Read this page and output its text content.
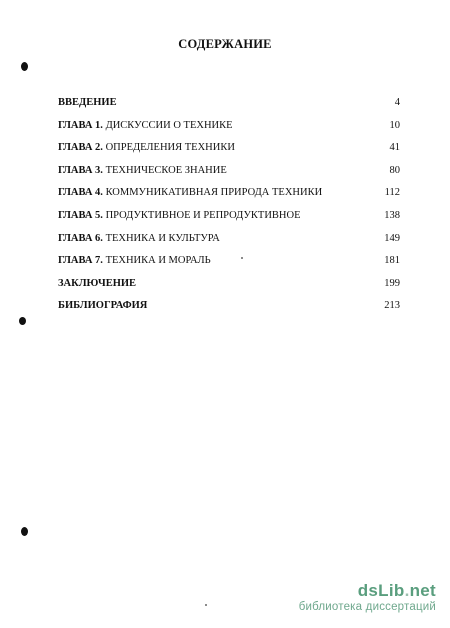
СОДЕРЖАНИЕ
ВВЕДЕНИЕ	4
ГЛАВА 1. ДИСКУССИИ О ТЕХНИКЕ	10
ГЛАВА 2. ОПРЕДЕЛЕНИЯ ТЕХНИКИ	41
ГЛАВА 3. ТЕХНИЧЕСКОЕ ЗНАНИЕ	80
ГЛАВА 4. КОММУНИКАТИВНАЯ ПРИРОДА ТЕХНИКИ	112
ГЛАВА 5. ПРОДУКТИВНОЕ И РЕПРОДУКТИВНОЕ	138
ГЛАВА 6. ТЕХНИКА И КУЛЬТУРА	149
ГЛАВА 7. ТЕХНИКА И МОРАЛЬ	181
ЗАКЛЮЧЕНИЕ	199
БИБЛИОГРАФИЯ	213
dsLib.net
библиотека диссертаций
